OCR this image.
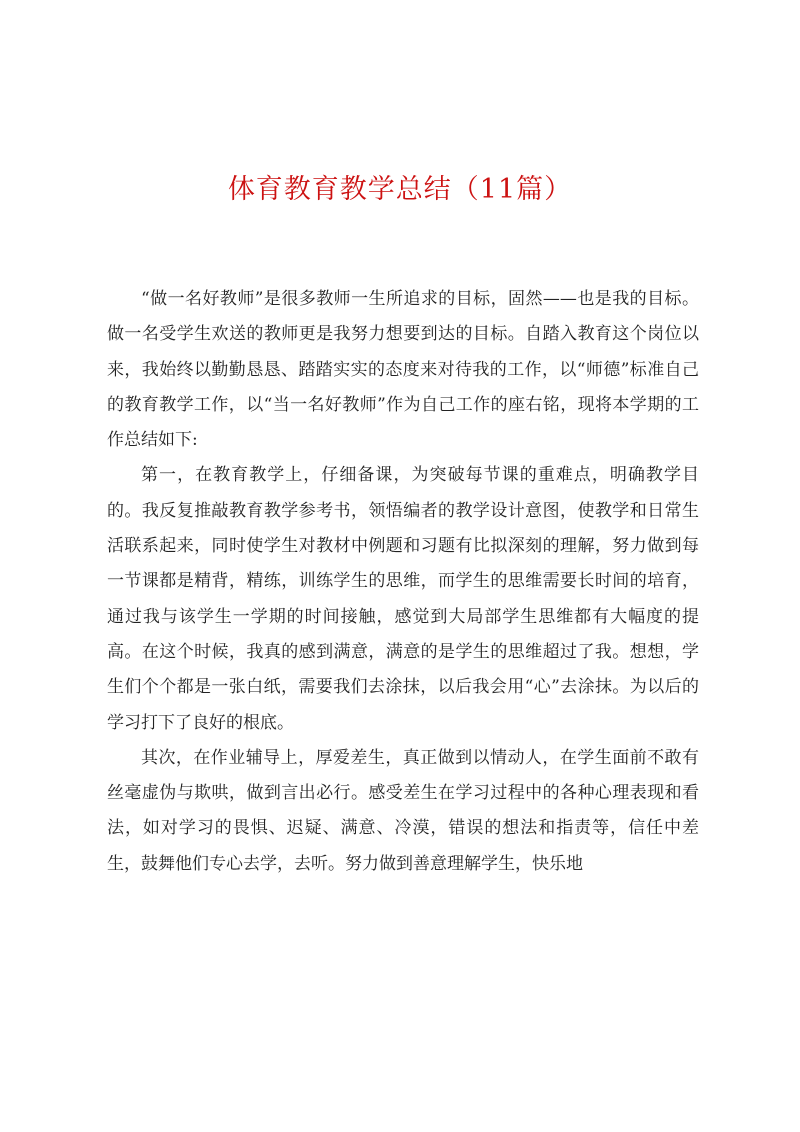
体育教育教学总结（11篇）

“做一名好教师”是很多教师一生所追求的目标，固然——也是我的目标。做一名受学生欢送的教师更是我努力想要到达的目标。自踏入教育这个岗位以来，我始终以勤勤恳恳、踏踏实实的态度来对待我的工作，以“师德”标准自己的教育教学工作，以“当一名好教师”作为自己工作的座右铭，现将本学期的工作总结如下:

第一，在教育教学上，仔细备课，为突破每节课的重难点，明确教学目的。我反复推敲教育教学参考书，领悟编者的教学设计意图，使教学和日常生活联系起来，同时使学生对教材中例题和习题有比拟深刻的理解，努力做到每一节课都是精背，精练，训练学生的思维，而学生的思维需要长时间的培育，通过我与该学生一学期的时间接触，感觉到大局部学生思维都有大幅度的提高。在这个时候，我真的感到满意，满意的是学生的思维超过了我。想想，学生们个个都是一张白纸，需要我们去涂抹，以后我会用“心”去涂抹。为以后的学习打下了良好的根底。

其次，在作业辅导上，厚爱差生，真正做到以情动人，在学生面前不敢有丝毫虚伪与欺哄，做到言出必行。感受差生在学习过程中的各种心理表现和看法，如对学习的畏惧、迟疑、满意、冷漠，错误的想法和指责等，信任中差生，鼓舞他们专心去学，去听。努力做到善意理解学生，快乐地
